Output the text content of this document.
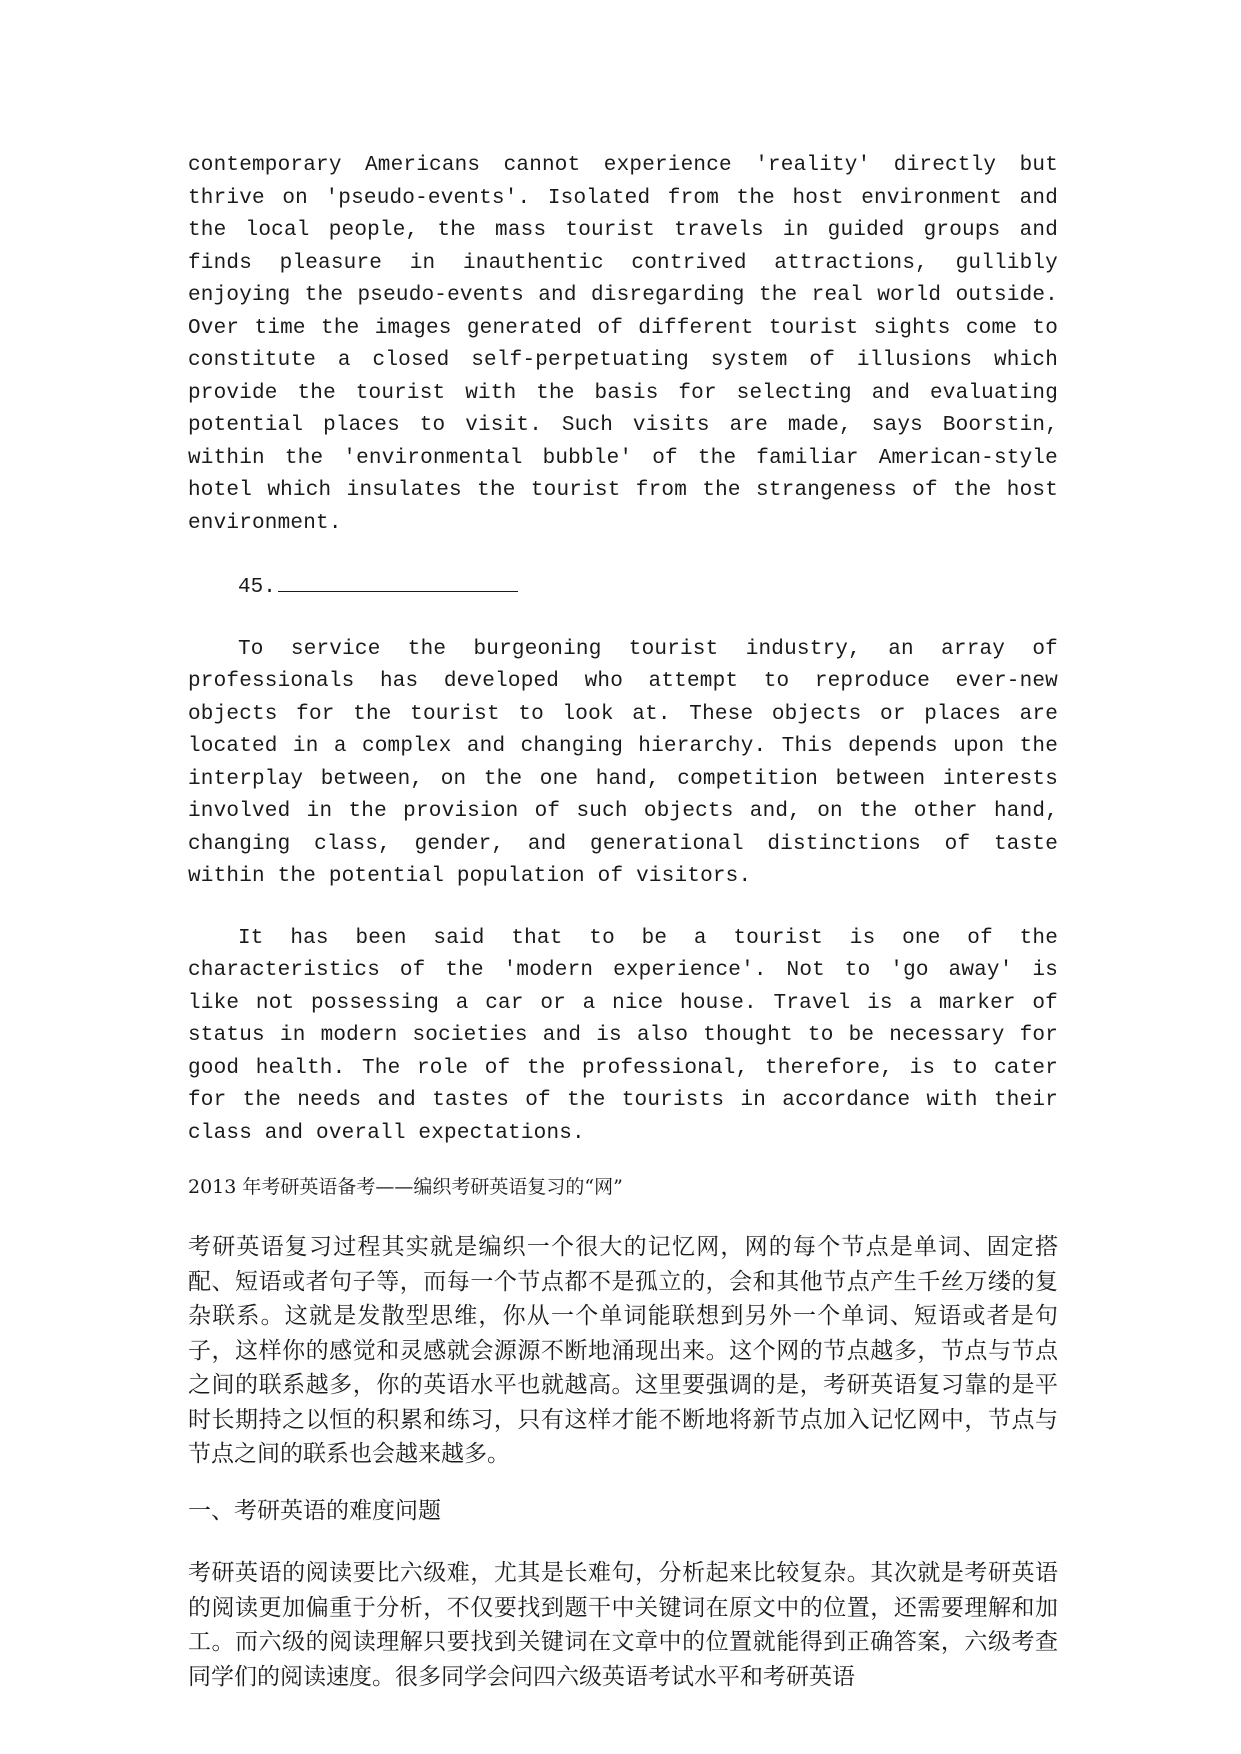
contemporary Americans cannot experience 'reality' directly but thrive on 'pseudo-events'. Isolated from the host environment and the local people, the mass tourist travels in guided groups and finds pleasure in inauthentic contrived attractions, gullibly enjoying the pseudo-events and disregarding the real world outside. Over time the images generated of different tourist sights come to constitute a closed self-perpetuating system of illusions which provide the tourist with the basis for selecting and evaluating potential places to visit. Such visits are made, says Boorstin, within the 'environmental bubble' of the familiar American-style hotel which insulates the tourist from the strangeness of the host environment.

45.

To service the burgeoning tourist industry, an array of professionals has developed who attempt to reproduce ever-new objects for the tourist to look at. These objects or places are located in a complex and changing hierarchy. This depends upon the interplay between, on the one hand, competition between interests involved in the provision of such objects and, on the other hand, changing class, gender, and generational distinctions of taste within the potential population of visitors.

It has been said that to be a tourist is one of the characteristics of the 'modern experience'. Not to 'go away' is like not possessing a car or a nice house. Travel is a marker of status in modern societies and is also thought to be necessary for good health. The role of the professional, therefore, is to cater for the needs and tastes of the tourists in accordance with their class and overall expectations.

2013 年考研英语备考——编织考研英语复习的“网”

考研英语复习过程其实就是编织一个很大的记忆网，网的每个节点是单词、固定搭配、短语或者句子等，而每一个节点都不是孤立的，会和其他节点产生千丝万缕的复杂联系。这就是发散型思维，你从一个单词能联想到另外一个单词、短语或者是句子，这样你的感觉和灵感就会源源不断地涌现出来。这个网的节点越多，节点与节点之间的联系越多，你的英语水平也就越高。这里要强调的是，考研英语复习靠的是平时长期持之以恒的积累和练习，只有这样才能不断地将新节点加入记忆网中，节点与节点之间的联系也会越来越多。

一、考研英语的难度问题

考研英语的阅读要比六级难，尤其是长难句，分析起来比较复杂。其次就是考研英语的阅读更加偏重于分析，不仅要找到题干中关键词在原文中的位置，还需要理解和加工。而六级的阅读理解只要找到关键词在文章中的位置就能得到正确答案，六级考查同学们的阅读速度。很多同学会问四六级英语考试水平和考研英语
